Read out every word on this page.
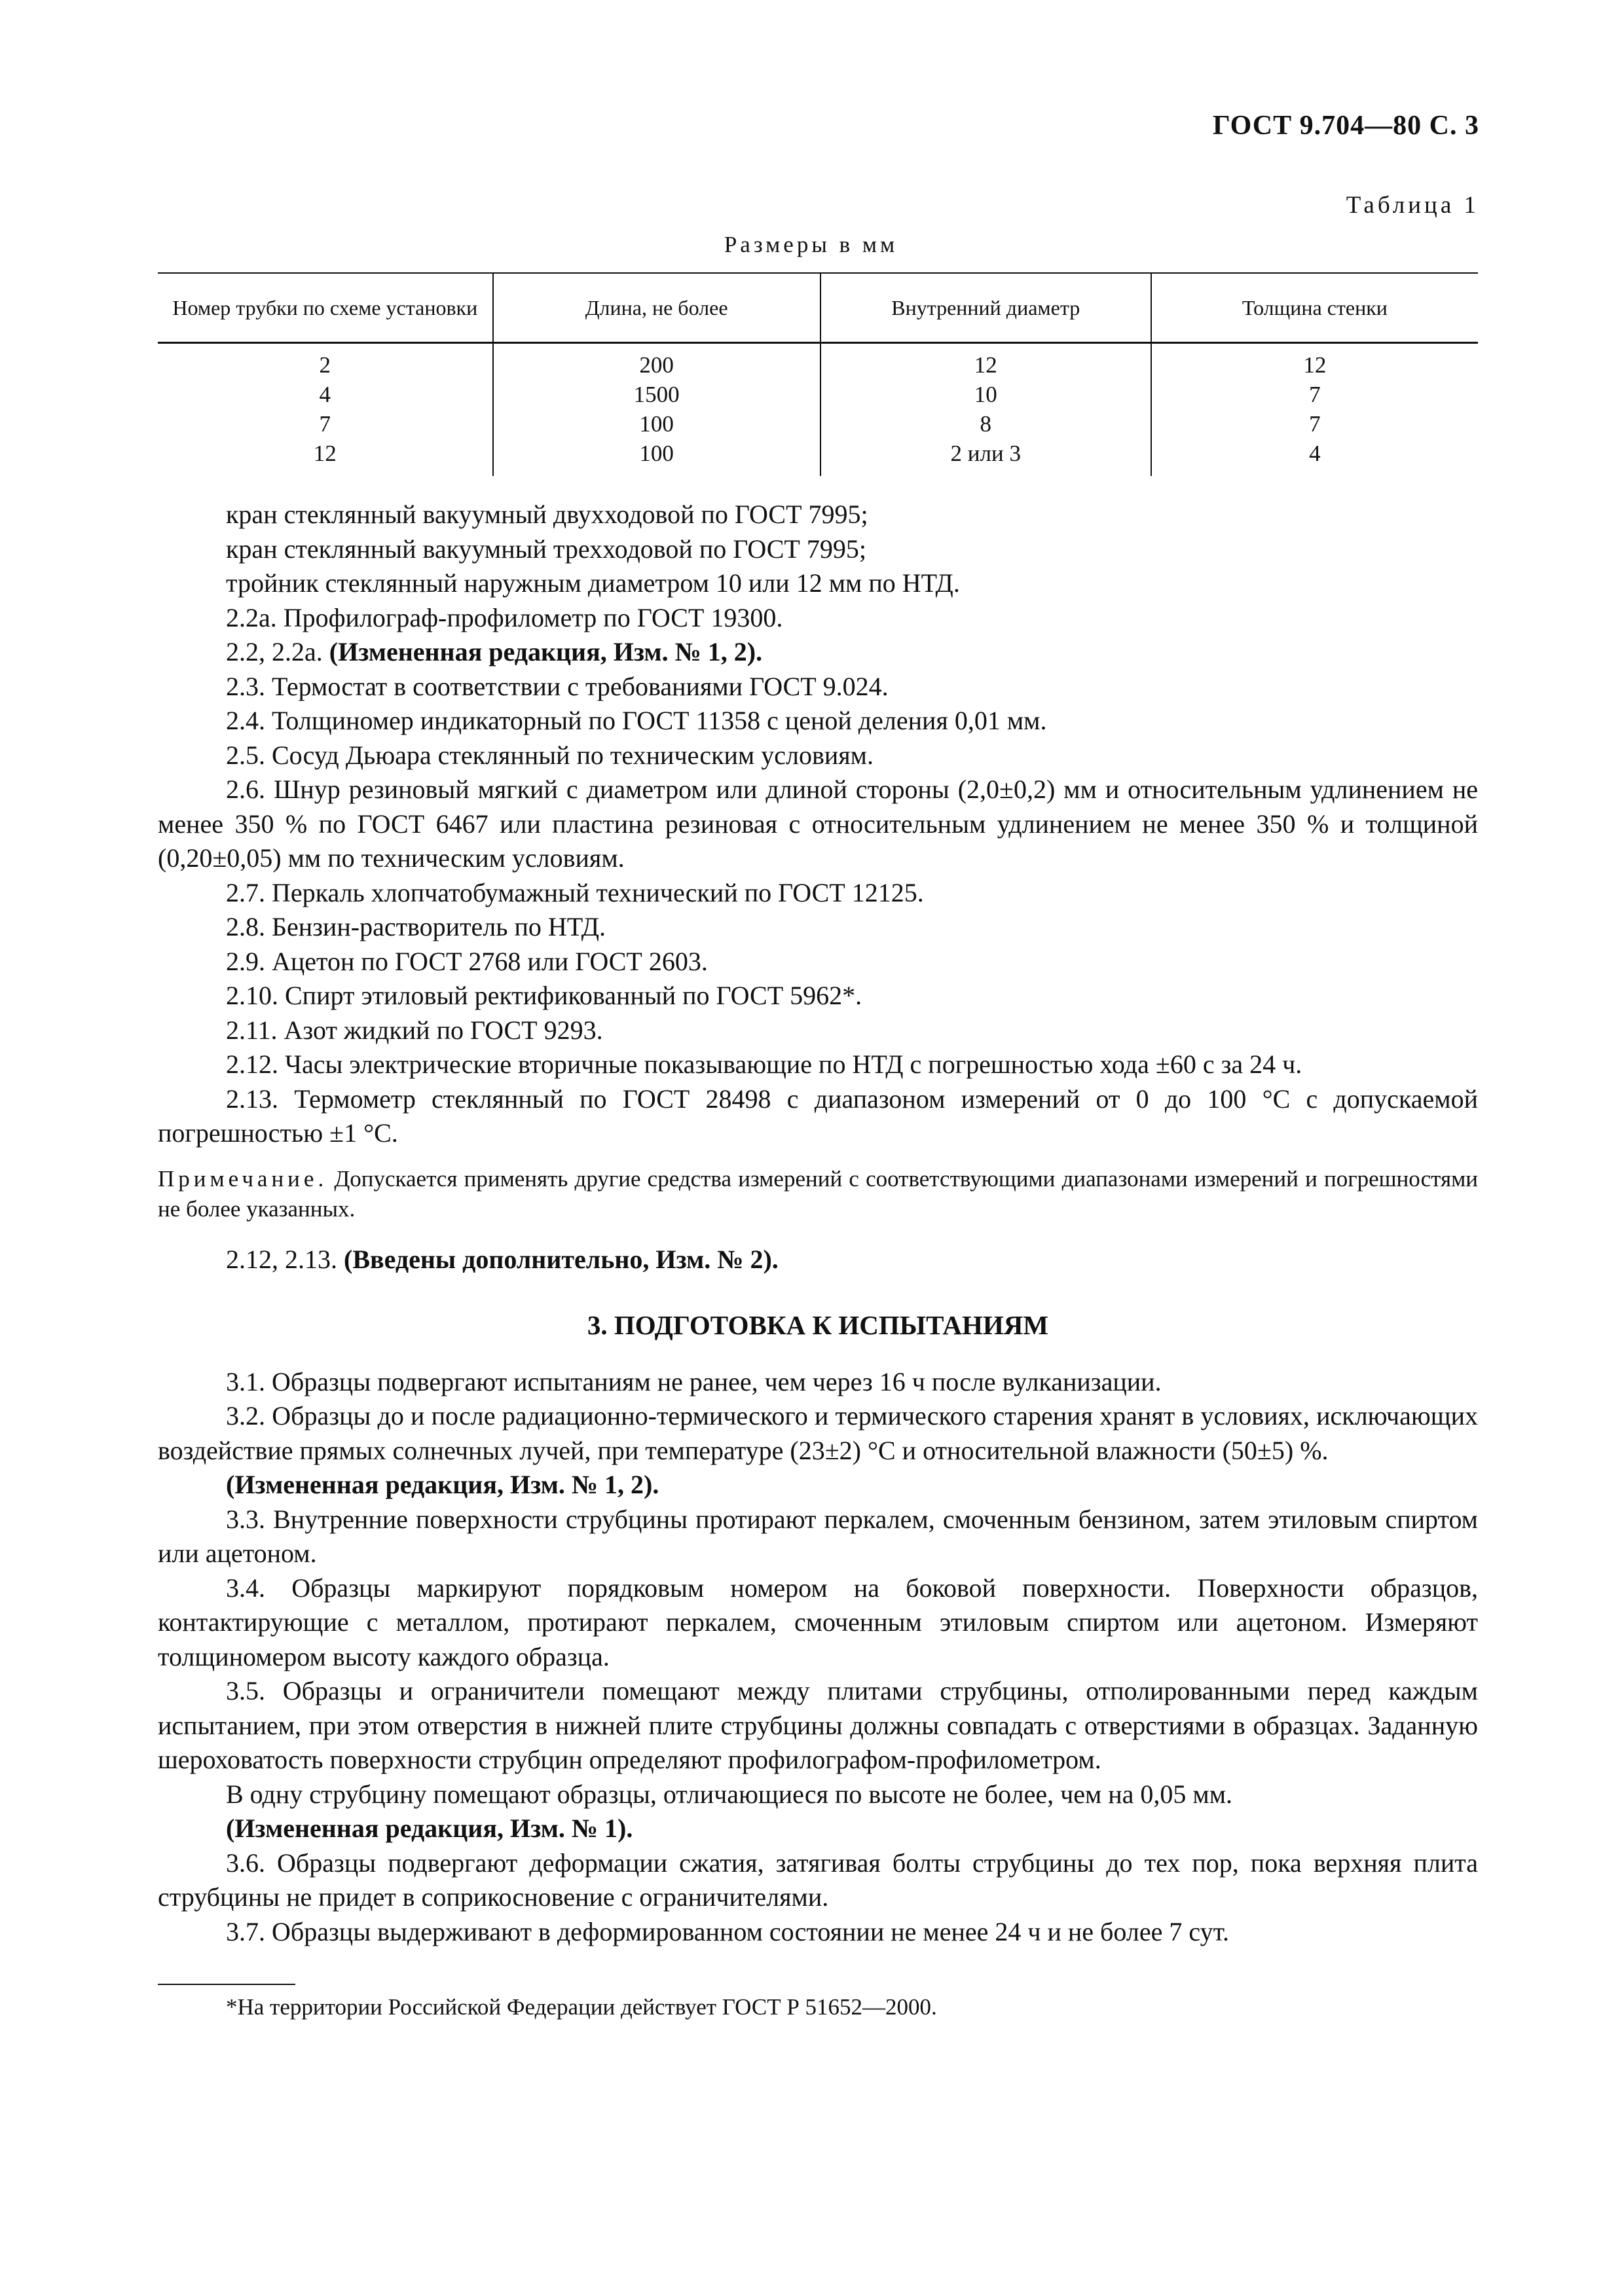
ГОСТ 9.704—80 С. 3
Таблица 1
Размеры в мм
Номер трубки по схеме установки	Длина, не более	Внутренний диаметр	Толщина стенки
2	200	12	12
4	1500	10	7
7	100	8	7
12	100	2 или 3	4

кран стеклянный вакуумный двухходовой по ГОСТ 7995;

кран стеклянный вакуумный трехходовой по ГОСТ 7995;

тройник стеклянный наружным диаметром 10 или 12 мм по НТД.

2.2а. Профилограф-профилометр по ГОСТ 19300.

2.2, 2.2а. (Измененная редакция, Изм. № 1, 2).

2.3. Термостат в соответствии с требованиями ГОСТ 9.024.

2.4. Толщиномер индикаторный по ГОСТ 11358 с ценой деления 0,01 мм.

2.5. Сосуд Дьюара стеклянный по техническим условиям.

2.6. Шнур резиновый мягкий с диаметром или длиной стороны (2,0±0,2) мм и относительным удлинением не менее 350 % по ГОСТ 6467 или пластина резиновая с относительным удлинением не менее 350 % и толщиной (0,20±0,05) мм по техническим условиям.

2.7. Перкаль хлопчатобумажный технический по ГОСТ 12125.

2.8. Бензин-растворитель по НТД.

2.9. Ацетон по ГОСТ 2768 или ГОСТ 2603.

2.10. Спирт этиловый ректификованный по ГОСТ 5962*.

2.11. Азот жидкий по ГОСТ 9293.

2.12. Часы электрические вторичные показывающие по НТД с погрешностью хода ±60 с за 24 ч.

2.13. Термометр стеклянный по ГОСТ 28498 с диапазоном измерений от 0 до 100 °С с допускаемой погрешностью ±1 °С.

Примечание. Допускается применять другие средства измерений с соответствующими диапазонами измерений и погрешностями не более указанных.

2.12, 2.13. (Введены дополнительно, Изм. № 2).

3. ПОДГОТОВКА К ИСПЫТАНИЯМ

3.1. Образцы подвергают испытаниям не ранее, чем через 16 ч после вулканизации.

3.2. Образцы до и после радиационно-термического и термического старения хранят в условиях, исключающих воздействие прямых солнечных лучей, при температуре (23±2) °С и относительной влажности (50±5) %.

(Измененная редакция, Изм. № 1, 2).

3.3. Внутренние поверхности струбцины протирают перкалем, смоченным бензином, затем этиловым спиртом или ацетоном.

3.4. Образцы маркируют порядковым номером на боковой поверхности. Поверхности образцов, контактирующие с металлом, протирают перкалем, смоченным этиловым спиртом или ацетоном. Измеряют толщиномером высоту каждого образца.

3.5. Образцы и ограничители помещают между плитами струбцины, отполированными перед каждым испытанием, при этом отверстия в нижней плите струбцины должны совпадать с отверстиями в образцах. Заданную шероховатость поверхности струбцин определяют профилографом-профилометром.

В одну струбцину помещают образцы, отличающиеся по высоте не более, чем на 0,05 мм.

(Измененная редакция, Изм. № 1).

3.6. Образцы подвергают деформации сжатия, затягивая болты струбцины до тех пор, пока верхняя плита струбцины не придет в соприкосновение с ограничителями.

3.7. Образцы выдерживают в деформированном состоянии не менее 24 ч и не более 7 сут.

*На территории Российской Федерации действует ГОСТ Р 51652—2000.
